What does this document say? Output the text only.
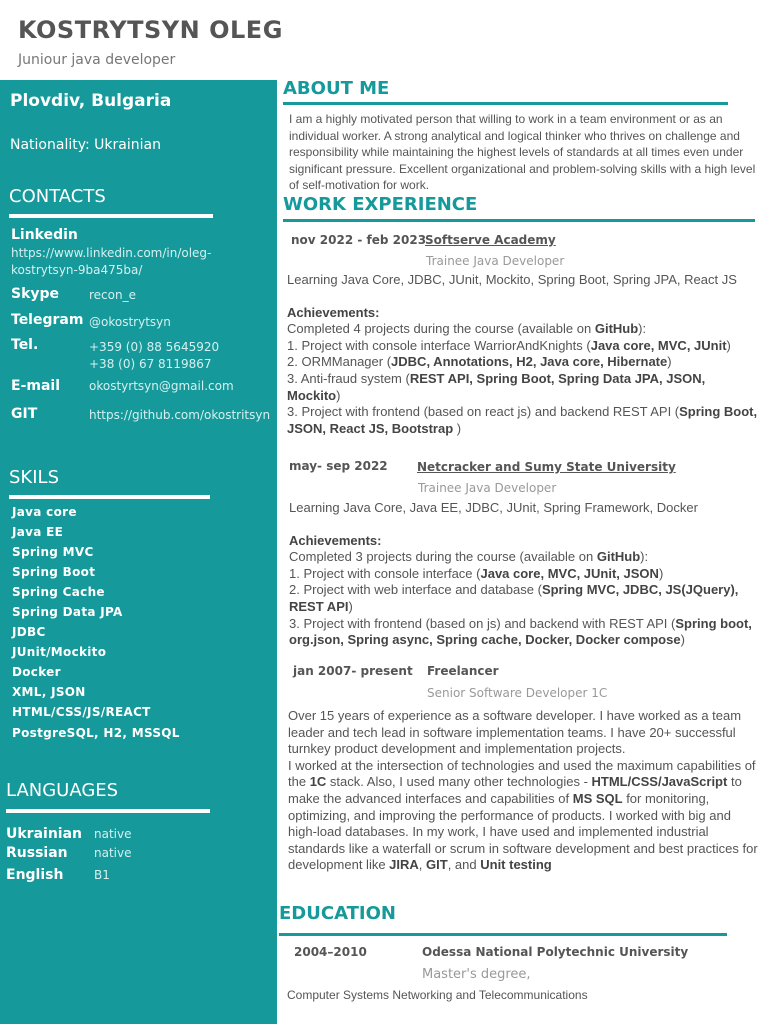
KOSTRYTSYN OLEG
Juniour java developer
Plovdiv, Bulgaria
Nationality: Ukrainian
CONTACTS
Linkedin
https://www.linkedin.com/in/oleg-
kostrytsyn-9ba475ba/
Skype recon_e
Telegram @okostrytsyn
Tel.	+359 (0) 88 5645920
+38 (0) 67 8119867
E-mail okostyrtsyn@gmail.com
GIT	https://github.com/okostritsyn
SKILS
Java core
Java EE
Spring MVC
Spring Boot
Spring Cache
Spring Data JPA
JDBC
JUnit/Mockito
Docker
XML, JSON
HTML/CSS/JS/REACT
PostgreSQL, H2, MSSQL
LANGUAGES
Ukrainian native
Russian native
English	B1
ABOUT ME

I am a highly motivated person that willing to work in a team environment or as an

individual worker. A strong analytical and logical thinker who thrives on challenge and

responsibility while maintaining the highest levels of standards at all times even under

significant pressure. Excellent organizational and problem-solving skills with a high level

of self-motivation for work.

WORK EXPERIENCE
nov 2022 - feb 2023
Softserve Academy
Trainee Java Developer

Learning Java Core, JDBC, JUnit, Mockito, Spring Boot, Spring JPA, React JS

Achievements:

Completed 4 projects during the course (available on GitHub):

1. Project with console interface WarriorAndKnights (Java core, MVC, JUnit)

2. ORMManager (JDBC, Annotations, H2, Java core, Hibernate)

3. Anti-fraud system (REST API, Spring Boot, Spring Data JPA, JSON,

Mockito)

3. Project with frontend (based on react js) and backend REST API (Spring Boot,

JSON, React JS, Bootstrap )

may- sep 2022 Netcracker and Sumy State University
Trainee Java Developer

Learning Java Core, Java EE, JDBC, JUnit, Spring Framework, Docker

Achievements:

Completed 3 projects during the course (available on GitHub):

1. Project with console interface (Java core, MVC, JUnit, JSON)

2. Project with web interface and database (Spring MVC, JDBC, JS(JQuery),

REST API)

3. Project with frontend (based on js) and backend with REST API (Spring boot,

org.json, Spring async, Spring cache, Docker, Docker compose)

jan 2007- present Freelancer
Senior Software Developer 1C

Over 15 years of experience as a software developer. I have worked as a team

leader and tech lead in software implementation teams. I have 20+ successful

turnkey product development and implementation projects.

I worked at the intersection of technologies and used the maximum capabilities of

the 1C stack. Also, I used many other technologies - HTML/CSS/JavaScript to

make the advanced interfaces and capabilities of MS SQL for monitoring,

optimizing, and improving the performance of products. I worked with big and

high-load databases. In my work, I have used and implemented industrial

standards like a waterfall or scrum in software development and best practices for

development like JIRA, GIT, and Unit testing

EDUCATION
2004–2010	Odessa National Polytechnic University
Master's degree,
Computer Systems Networking and Telecommunications
